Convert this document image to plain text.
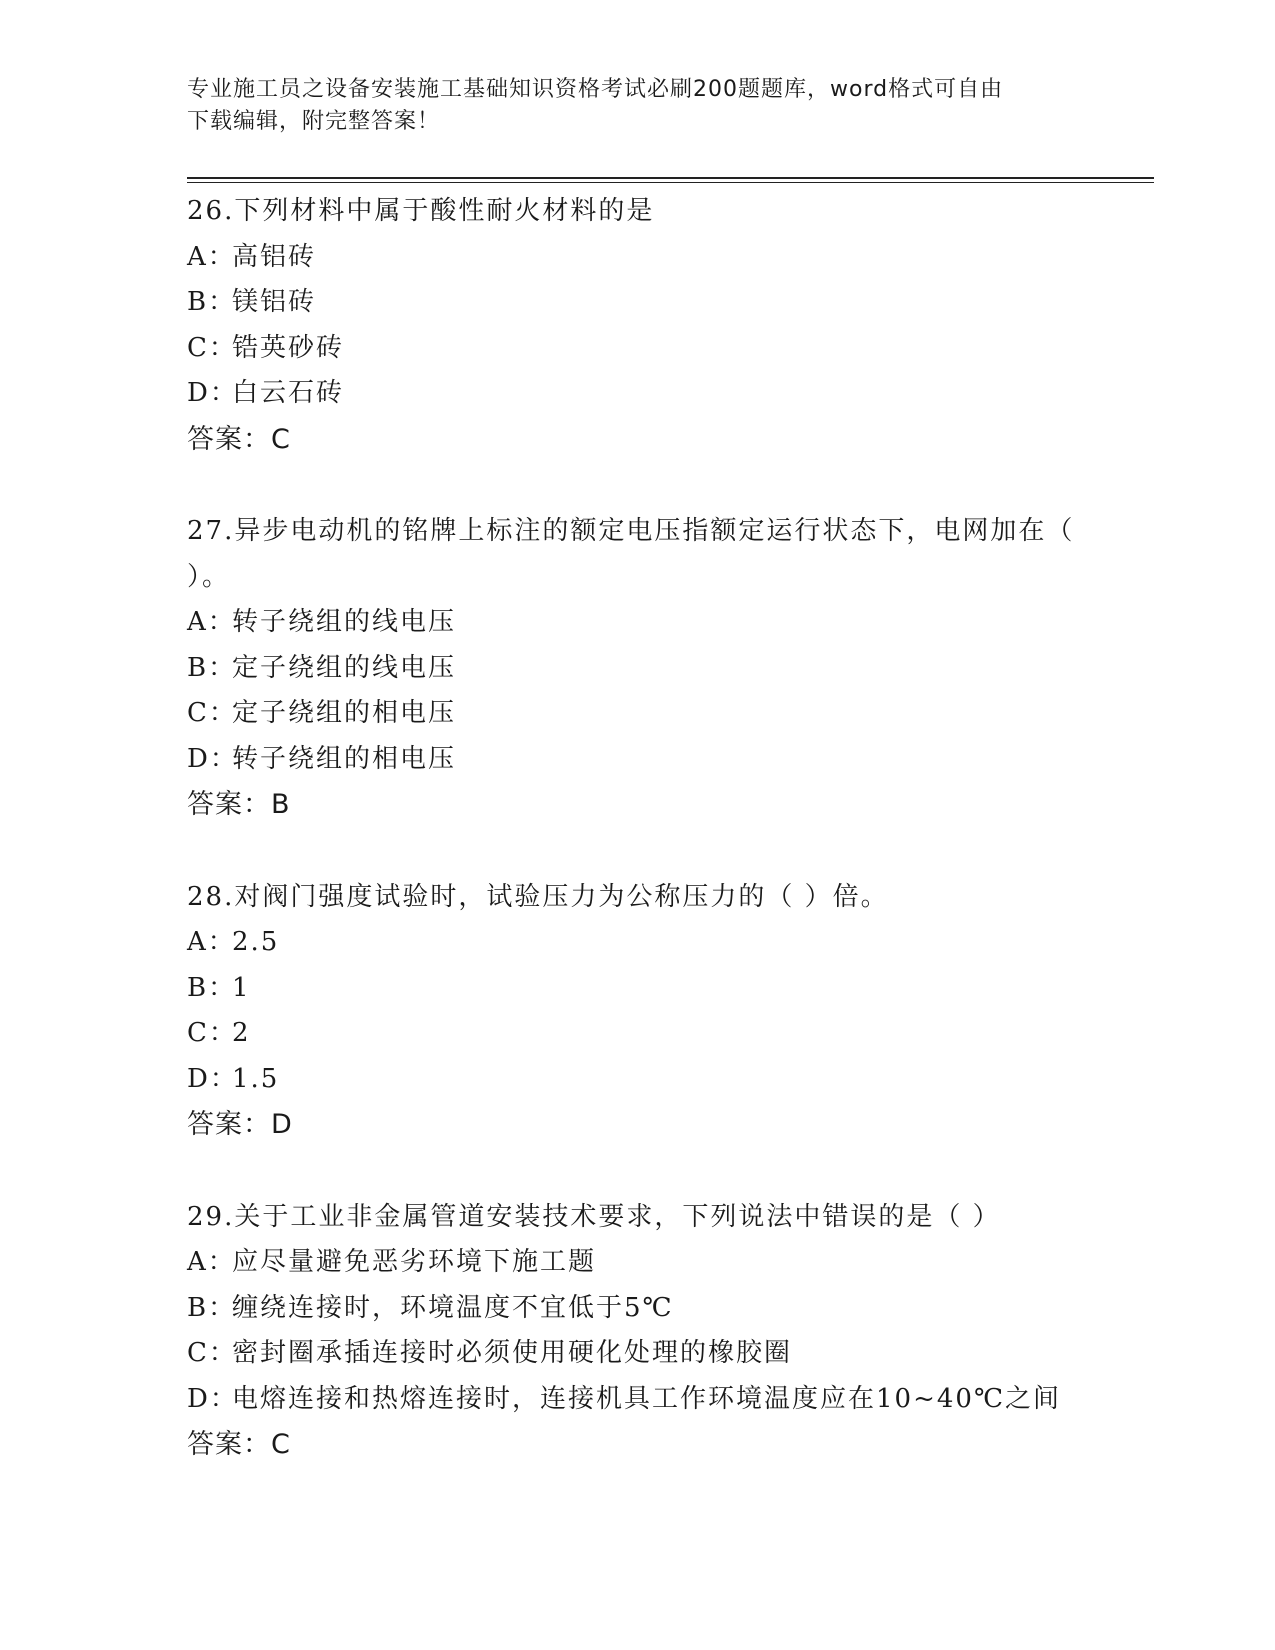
专业施工员之设备安装施工基础知识资格考试必刷200题题库，word格式可自由
下载编辑，附完整答案！
26.下列材料中属于酸性耐火材料的是
A：高铝砖
B：镁铝砖
C：锆英砂砖
D：白云石砖
答案：C
27.异步电动机的铭牌上标注的额定电压指额定运行状态下，电网加在（ ）。
A：转子绕组的线电压
B：定子绕组的线电压
C：定子绕组的相电压
D：转子绕组的相电压
答案：B
28.对阀门强度试验时，试验压力为公称压力的（ ）倍。
A：2.5
B：1
C：2
D：1.5
答案：D
29.关于工业非金属管道安装技术要求，下列说法中错误的是（ ）
A：应尽量避免恶劣环境下施工题
B：缠绕连接时，环境温度不宜低于5℃
C：密封圈承插连接时必须使用硬化处理的橡胶圈
D：电熔连接和热熔连接时，连接机具工作环境温度应在10~40℃之间
答案：C
